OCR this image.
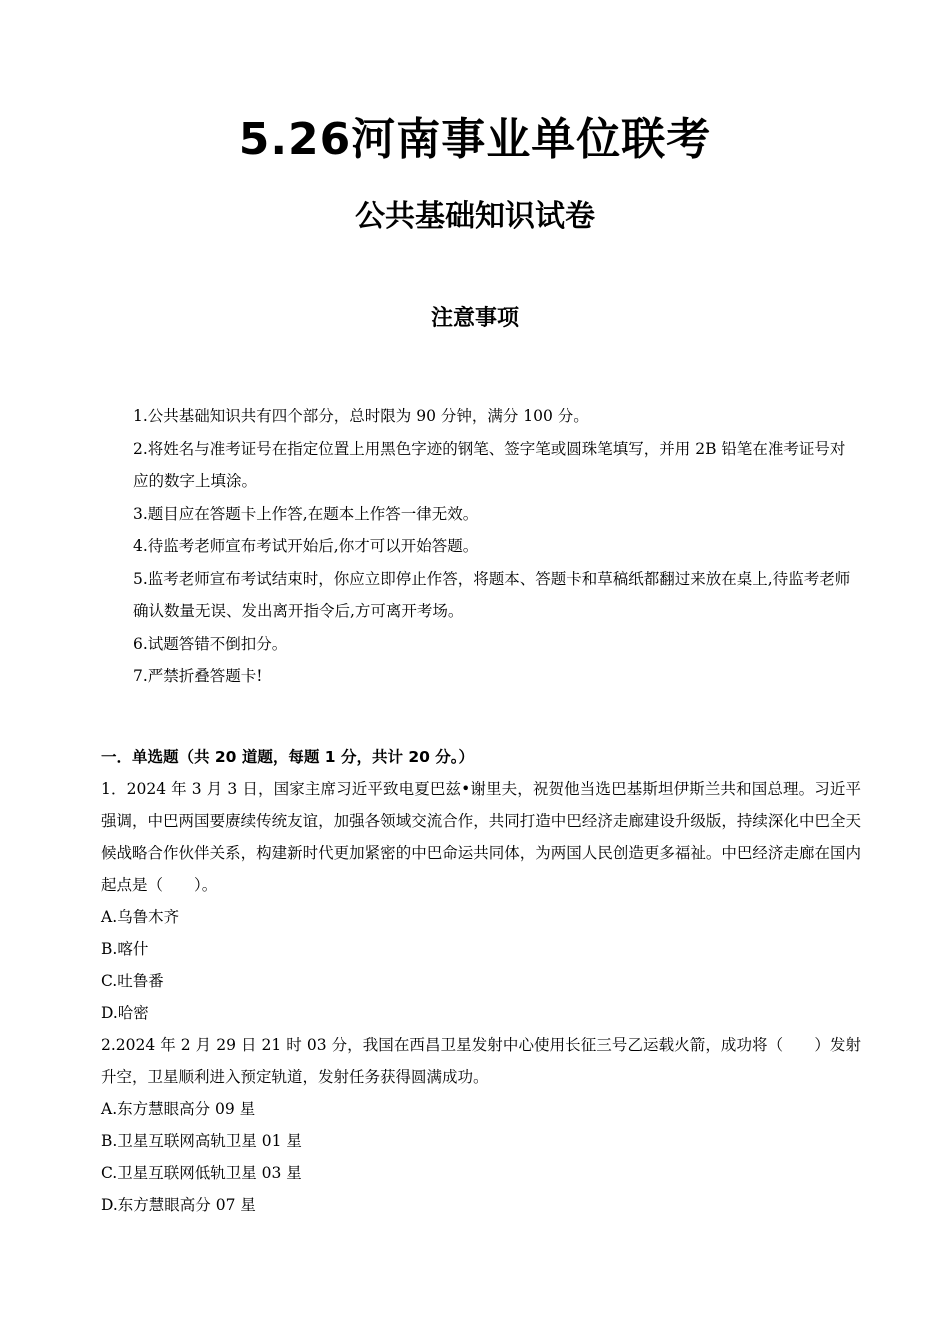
5.26河南事业单位联考
公共基础知识试卷
注意事项
1.公共基础知识共有四个部分，总时限为 90 分钟，满分 100 分。
2.将姓名与准考证号在指定位置上用黑色字迹的钢笔、签字笔或圆珠笔填写，并用 2B 铅笔在准考证号对应的数字上填涂。
3.题目应在答题卡上作答,在题本上作答一律无效。
4.待监考老师宣布考试开始后,你才可以开始答题。
5.监考老师宣布考试结束时，你应立即停止作答，将题本、答题卡和草稿纸都翻过来放在桌上,待监考老师确认数量无误、发出离开指令后,方可离开考场。
6.试题答错不倒扣分。
7.严禁折叠答题卡!

一．单选题（共 20 道题，每题 1 分，共计 20 分。）

1．2024 年 3 月 3 日，国家主席习近平致电夏巴兹•谢里夫，祝贺他当选巴基斯坦伊斯兰共和国总理。习近平强调，中巴两国要赓续传统友谊，加强各领域交流合作，共同打造中巴经济走廊建设升级版，持续深化中巴全天候战略合作伙伴关系，构建新时代更加紧密的中巴命运共同体，为两国人民创造更多福祉。中巴经济走廊在国内起点是（　　）。

A.乌鲁木齐

B.喀什

C.吐鲁番

D.哈密

2.2024 年 2 月 29 日 21 时 03 分，我国在西昌卫星发射中心使用长征三号乙运载火箭，成功将（　　）发射升空，卫星顺利进入预定轨道，发射任务获得圆满成功。

A.东方慧眼高分 09 星

B.卫星互联网高轨卫星 01 星

C.卫星互联网低轨卫星 03 星

D.东方慧眼高分 07 星
